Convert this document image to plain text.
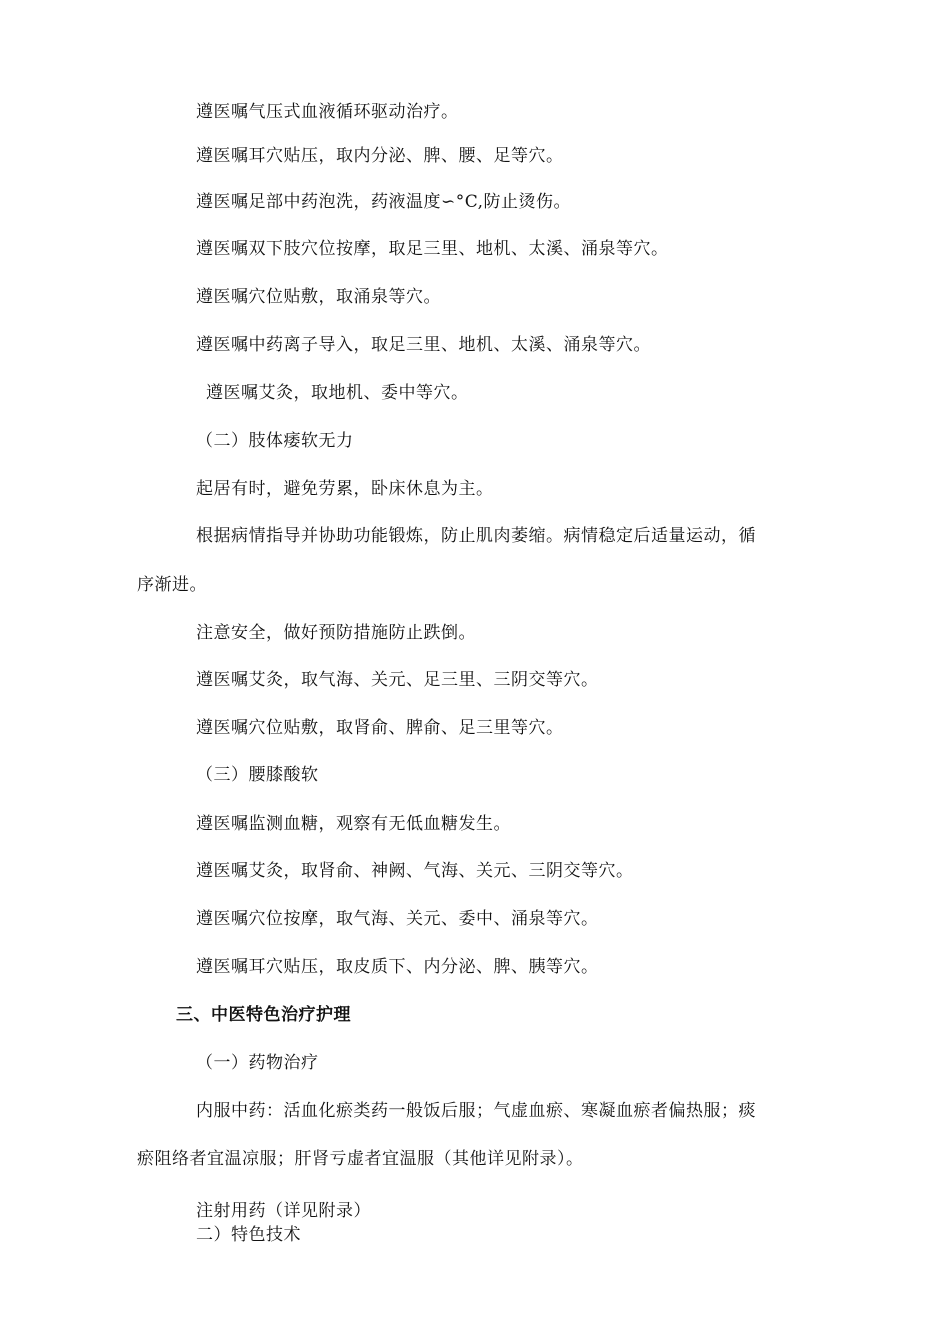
遵医嘱气压式血液循环驱动治疗。
遵医嘱耳穴贴压，取内分泌、脾、腰、足等穴。
遵医嘱足部中药泡洗，药液温度∽°C,防止烫伤。
遵医嘱双下肢穴位按摩，取足三里、地机、太溪、涌泉等穴。
遵医嘱穴位贴敷，取涌泉等穴。
遵医嘱中药离子导入，取足三里、地机、太溪、涌泉等穴。
遵医嘱艾灸，取地机、委中等穴。
（二）肢体痿软无力
起居有时，避免劳累，卧床休息为主。
根据病情指导并协助功能锻炼，防止肌肉萎缩。病情稳定后适量运动，循
序渐进。
注意安全，做好预防措施防止跌倒。
遵医嘱艾灸，取气海、关元、足三里、三阴交等穴。
遵医嘱穴位贴敷，取肾俞、脾俞、足三里等穴。
（三）腰膝酸软
遵医嘱监测血糖，观察有无低血糖发生。
遵医嘱艾灸，取肾俞、神阙、气海、关元、三阴交等穴。
遵医嘱穴位按摩，取气海、关元、委中、涌泉等穴。
遵医嘱耳穴贴压，取皮质下、内分泌、脾、胰等穴。
三、中医特色治疗护理
（一）药物治疗
内服中药：活血化瘀类药一般饭后服；气虚血瘀、寒凝血瘀者偏热服；痰
瘀阻络者宜温凉服；肝肾亏虚者宜温服（其他详见附录）。
注射用药（详见附录）
二）特色技术
